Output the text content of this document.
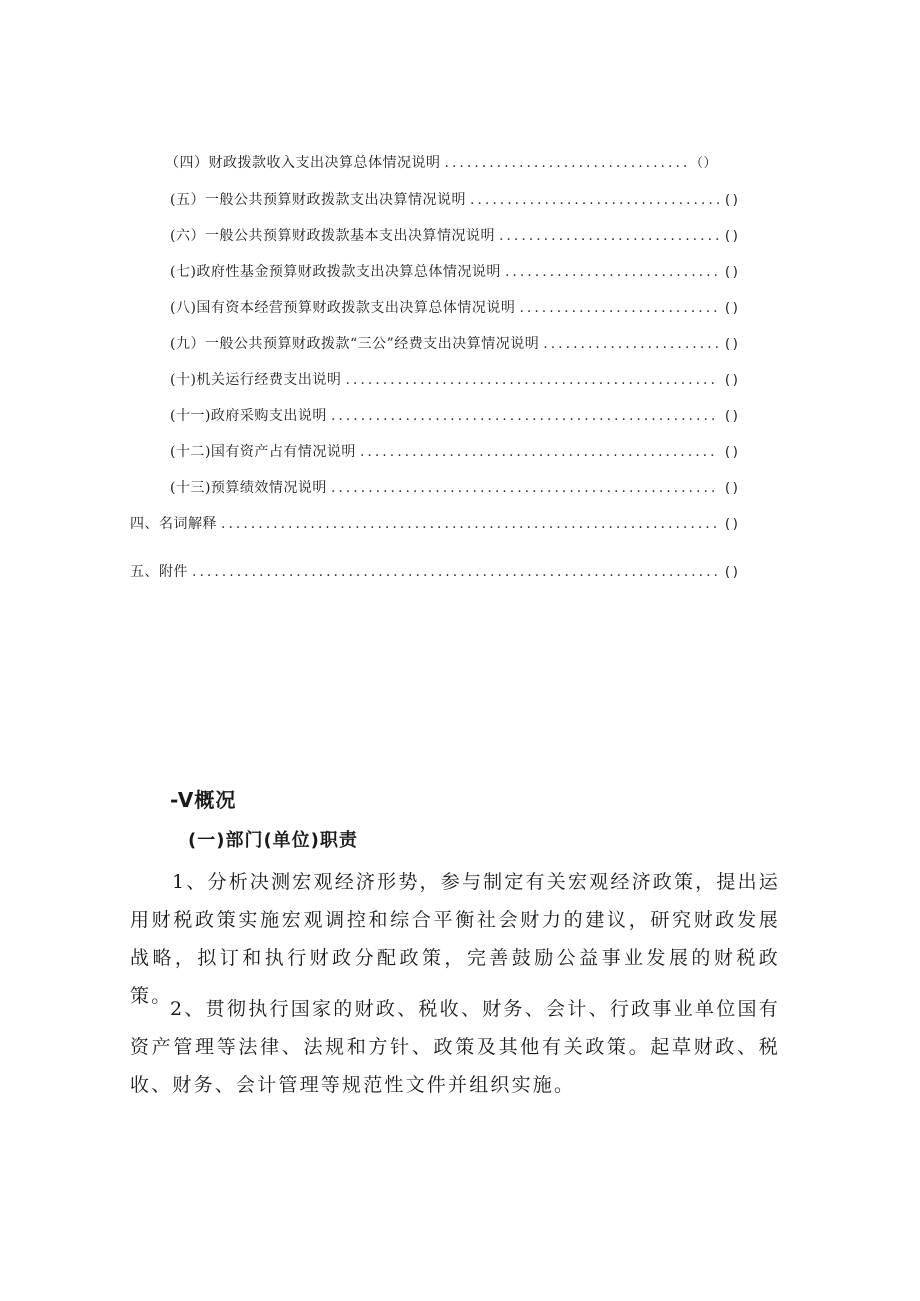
（四）财政拨款收入支出决算总体情况说明 .....	（）
(五）一般公共预算财政拨款支出决算情况说明 .....	()
(六）一般公共预算财政拨款基本支出决算情况说明 .....	()
(七)政府性基金预算财政拨款支出决算总体情况说明 .....	()
(八)国有资本经营预算财政拨款支出决算总体情况说明 .....	()
(九）一般公共预算财政拨款“三公”经费支出决算情况说明 .....	()
(十)机关运行经费支出说明 .....	()
(十一)政府采购支出说明 .....	()
(十二)国有资产占有情况说明 .....	()
(十三)预算绩效情况说明 .....	()
四、名词解释 .....	()
五、附件 .....	()
-V概况
(一)部门(单位)职责

1、分析决测宏观经济形势，参与制定有关宏观经济政策，提出运用财税政策实施宏观调控和综合平衡社会财力的建议，研究财政发展战略，拟订和执行财政分配政策，完善鼓励公益事业发展的财税政策。

2、贯彻执行国家的财政、税收、财务、会计、行政事业单位国有资产管理等法律、法规和方针、政策及其他有关政策。起草财政、税收、财务、会计管理等规范性文件并组织实施。
